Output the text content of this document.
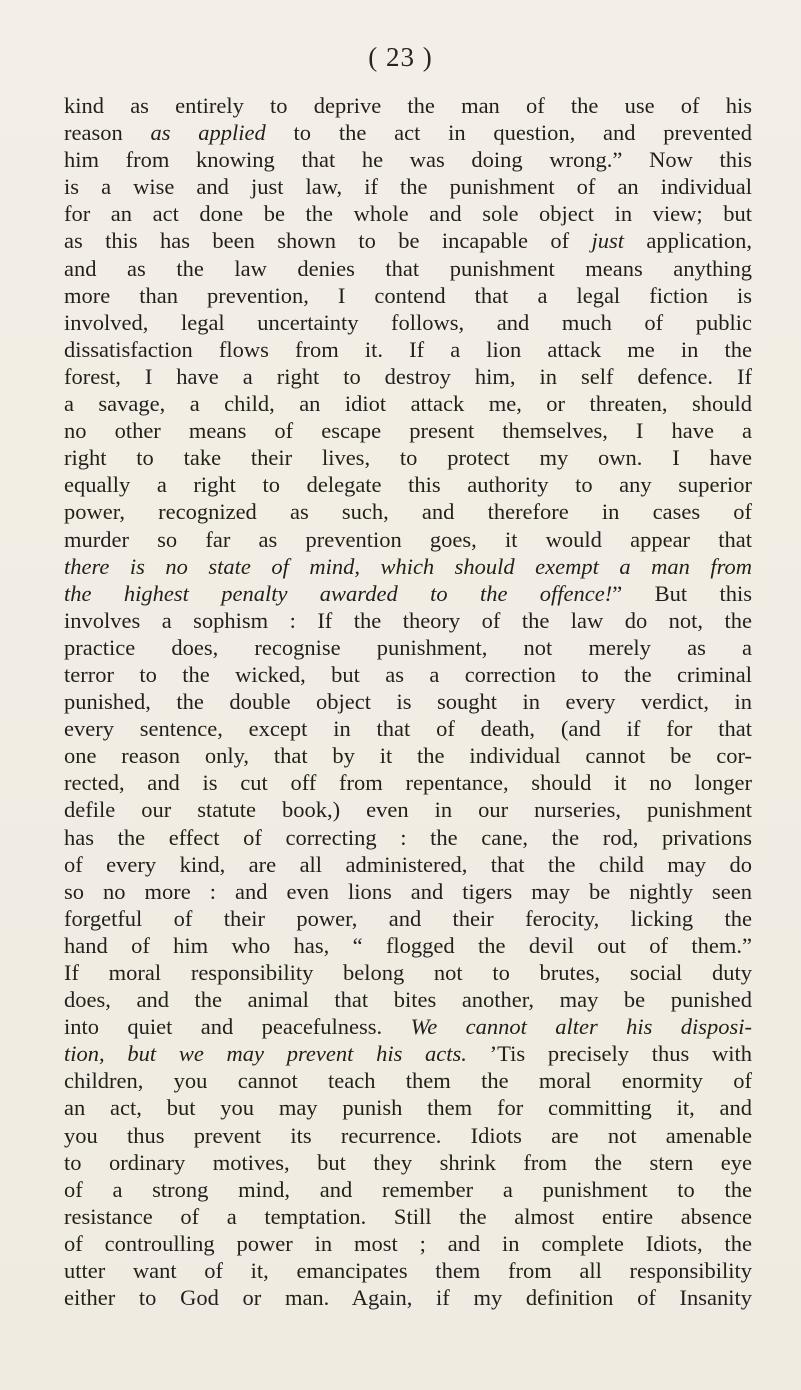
( 23 )
kind as entirely to deprive the man of the use of his
reason as applied to the act in question, and prevented
him from knowing that he was doing wrong.” Now this
is a wise and just law, if the punishment of an individual
for an act done be the whole and sole object in view; but
as this has been shown to be incapable of just application,
and as the law denies that punishment means anything
more than prevention, I contend that a legal fiction is
involved, legal uncertainty follows, and much of public
dissatisfaction flows from it. If a lion attack me in the
forest, I have a right to destroy him, in self defence. If
a savage, a child, an idiot attack me, or threaten, should
no other means of escape present themselves, I have a
right to take their lives, to protect my own. I have
equally a right to delegate this authority to any superior
power, recognized as such, and therefore in cases of
murder so far as prevention goes, it would appear that
there is no state of mind, which should exempt a man from
the highest penalty awarded to the offence!” But this
involves a sophism : If the theory of the law do not, the
practice does, recognise punishment, not merely as a
terror to the wicked, but as a correction to the criminal
punished, the double object is sought in every verdict, in
every sentence, except in that of death, (and if for that
one reason only, that by it the individual cannot be cor-
rected, and is cut off from repentance, should it no longer
defile our statute book,) even in our nurseries, punishment
has the effect of correcting : the cane, the rod, privations
of every kind, are all administered, that the child may do
so no more : and even lions and tigers may be nightly seen
forgetful of their power, and their ferocity, licking the
hand of him who has, “ flogged the devil out of them.”
If moral responsibility belong not to brutes, social duty
does, and the animal that bites another, may be punished
into quiet and peacefulness. We cannot alter his disposi-
tion, but we may prevent his acts. ’Tis precisely thus with
children, you cannot teach them the moral enormity of
an act, but you may punish them for committing it, and
you thus prevent its recurrence. Idiots are not amenable
to ordinary motives, but they shrink from the stern eye
of a strong mind, and remember a punishment to the
resistance of a temptation. Still the almost entire absence
of controulling power in most ; and in complete Idiots, the
utter want of it, emancipates them from all responsibility
either to God or man. Again, if my definition of Insanity
